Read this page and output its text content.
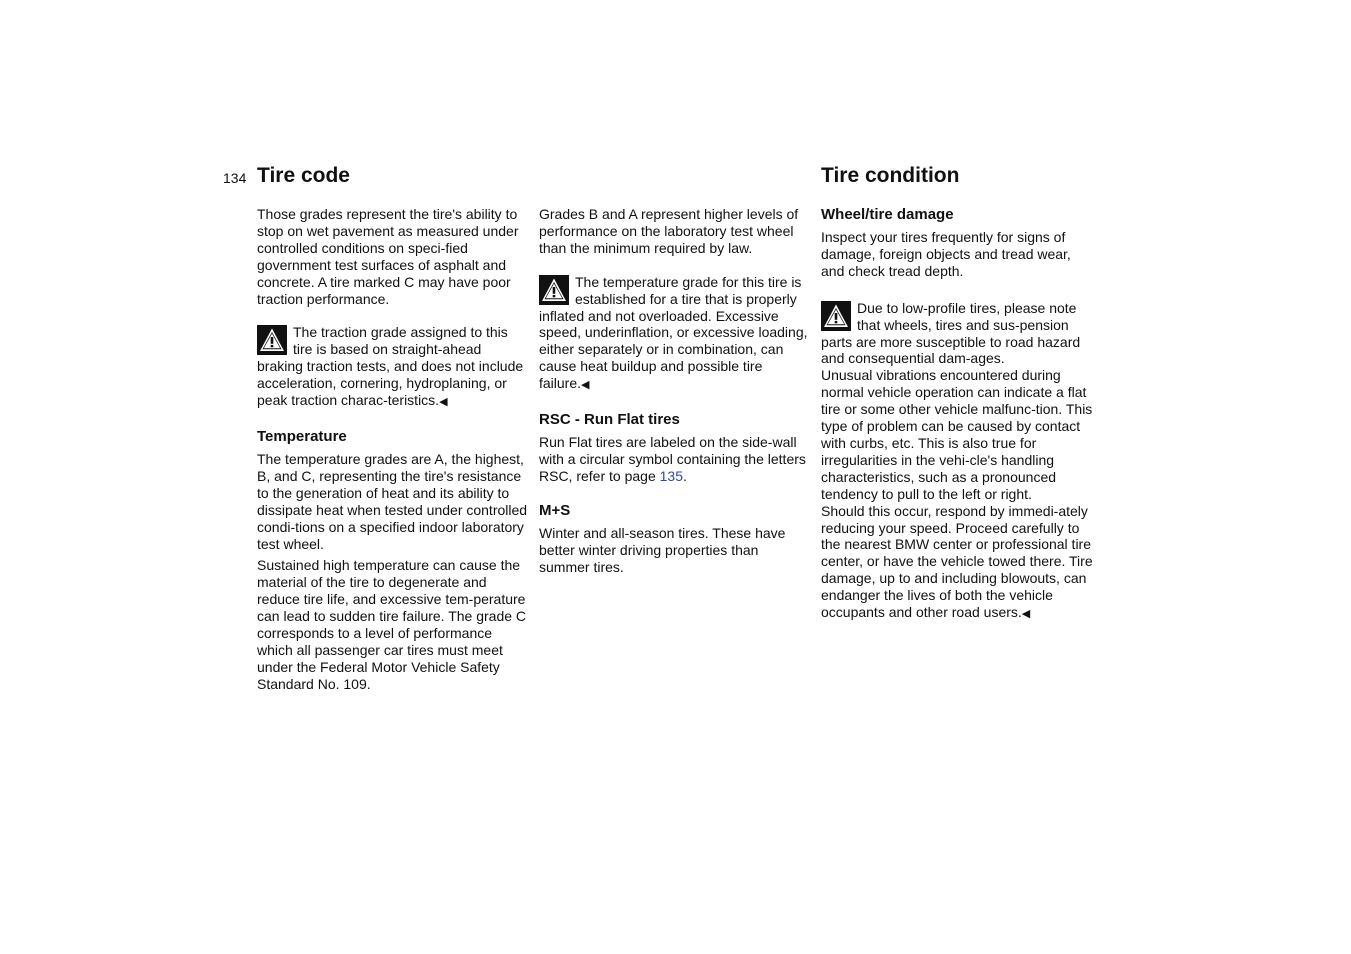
134 Tire code	Tire condition

Those grades represent the tire's ability to stop on wet pavement as measured under controlled conditions on speci-fied government test surfaces of asphalt and concrete. A tire marked C may have poor traction performance.

The traction grade assigned to this tire is based on straight-ahead braking traction tests, and does not include acceleration, cornering, hydroplaning, or peak traction charac-teristics.◀

Temperature

The temperature grades are A, the highest, B, and C, representing the tire's resistance to the generation of heat and its ability to dissipate heat when tested under controlled condi-tions on a specified indoor laboratory test wheel.

Sustained high temperature can cause the material of the tire to degenerate and reduce tire life, and excessive tem-perature can lead to sudden tire failure. The grade C corresponds to a level of performance which all passenger car tires must meet under the Federal Motor Vehicle Safety Standard No. 109.

Grades B and A represent higher levels of performance on the laboratory test wheel than the minimum required by law.

The temperature grade for this tire is established for a tire that is properly inflated and not overloaded. Excessive speed, underinflation, or excessive loading, either separately or in combination, can cause heat buildup and possible tire failure.◀

RSC - Run Flat tires

Run Flat tires are labeled on the side-wall with a circular symbol containing the letters RSC, refer to page 135.

M+S

Winter and all-season tires. These have better winter driving properties than summer tires.

Wheel/tire damage

Inspect your tires frequently for signs of damage, foreign objects and tread wear, and check tread depth.

Due to low-profile tires, please note that wheels, tires and sus-pension parts are more susceptible to road hazard and consequential dam-ages.

Unusual vibrations encountered during normal vehicle operation can indicate a flat tire or some other vehicle malfunc-tion. This type of problem can be caused by contact with curbs, etc. This is also true for irregularities in the vehi-cle's handling characteristics, such as a pronounced tendency to pull to the left or right.

Should this occur, respond by immedi-ately reducing your speed. Proceed carefully to the nearest BMW center or professional tire center, or have the vehicle towed there. Tire damage, up to and including blowouts, can endanger the lives of both the vehicle occupants and other road users.◀
